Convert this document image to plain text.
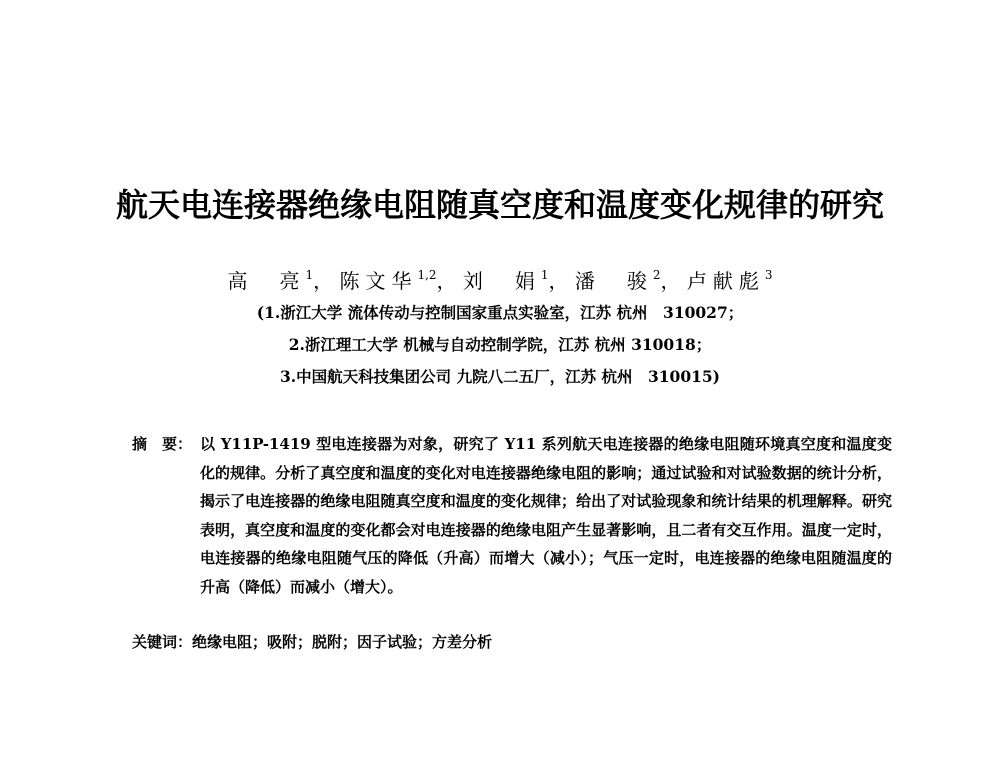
航天电连接器绝缘电阻随真空度和温度变化规律的研究
高　亮$^1$， 陈文华$^{1,2}$， 刘　娟$^1$， 潘　骏$^2$， 卢献彪$^3$
(1.浙江大学 流体传动与控制国家重点实验室，江苏 杭州　310027；
2.浙江理工大学 机械与自动控制学院，江苏 杭州 310018；
3.中国航天科技集团公司 九院八二五厂，江苏 杭州　310015)
摘　要： 以 Y11P-1419 型电连接器为对象，研究了 Y11 系列航天电连接器的绝缘电阻随环境真空度和温度变化的规律。分析了真空度和温度的变化对电连接器绝缘电阻的影响；通过试验和对试验数据的统计分析，揭示了电连接器的绝缘电阻随真空度和温度的变化规律；给出了对试验现象和统计结果的机理解释。研究表明，真空度和温度的变化都会对电连接器的绝缘电阻产生显著影响，且二者有交互作用。温度一定时，电连接器的绝缘电阻随气压的降低（升高）而增大（减小）；气压一定时，电连接器的绝缘电阻随温度的升高（降低）而减小（增大）。
关键词：绝缘电阻；吸附；脱附；因子试验；方差分析
